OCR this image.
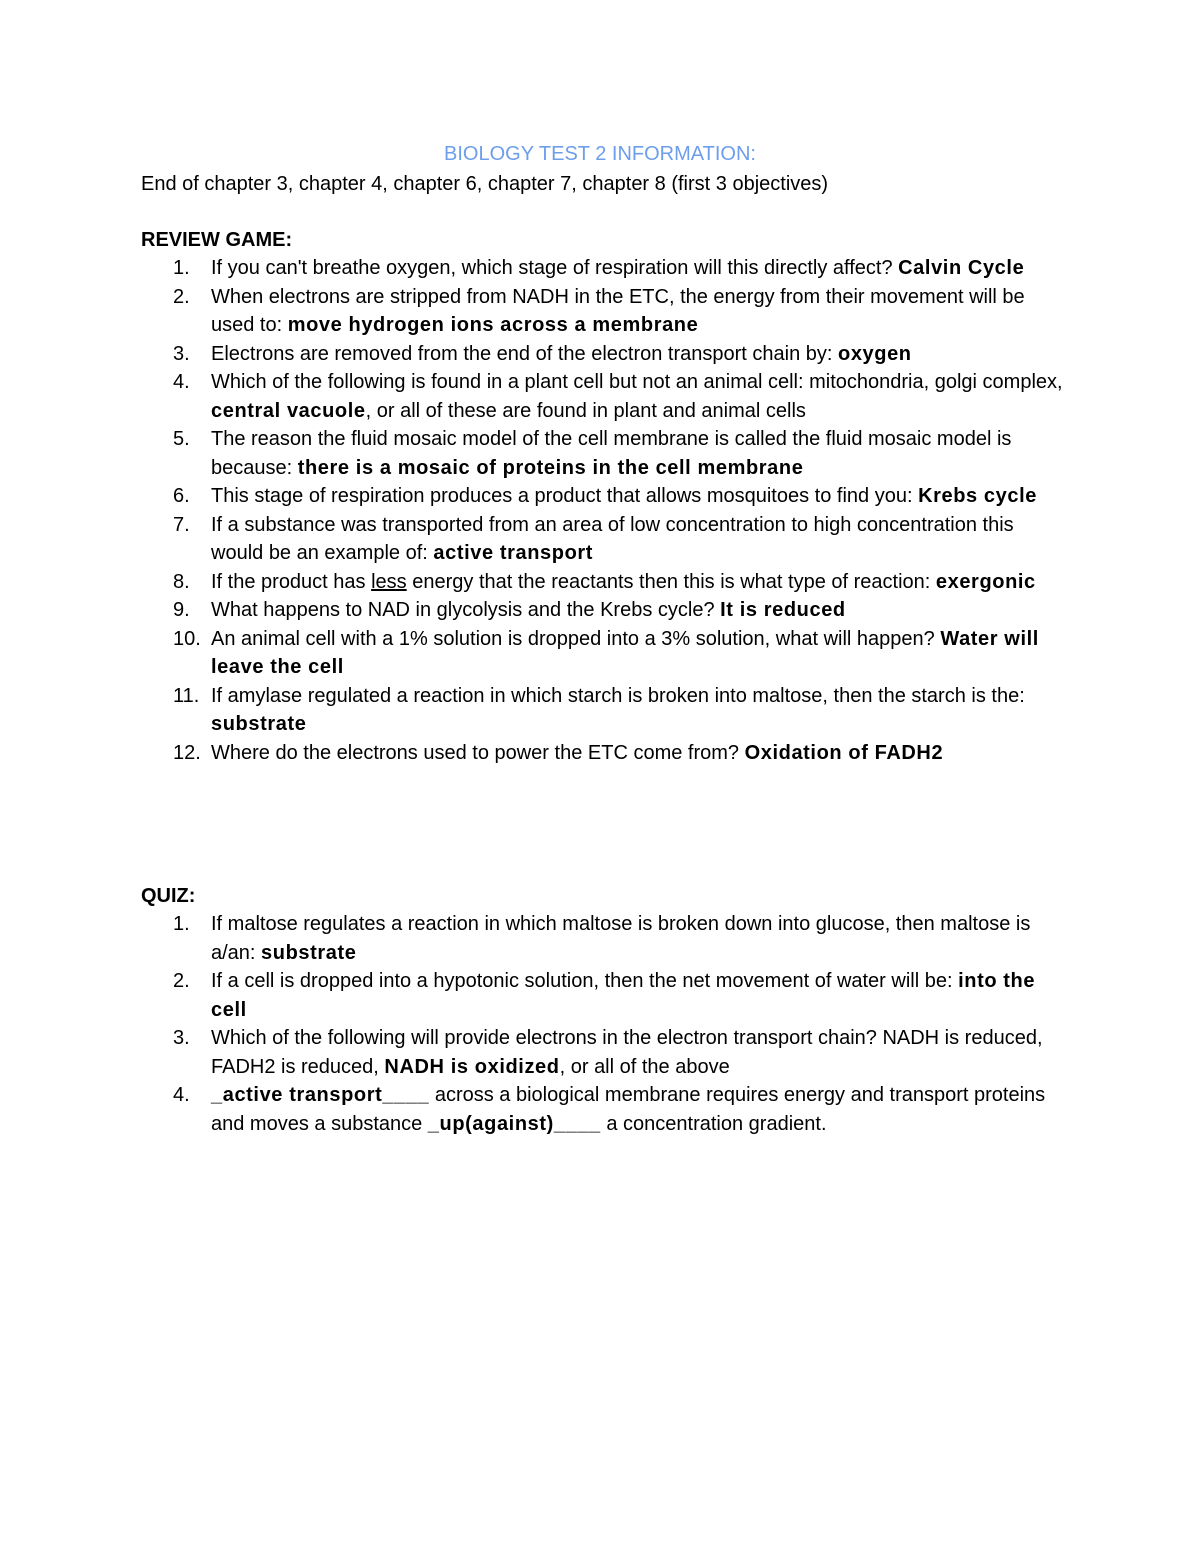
BIOLOGY TEST 2 INFORMATION:

End of chapter 3, chapter 4, chapter 6, chapter 7, chapter 8 (first 3 objectives)

REVIEW GAME:

1.	If you can't breathe oxygen, which stage of respiration will this directly affect? Calvin Cycle
2.	When electrons are stripped from NADH in the ETC, the energy from their movement will be used to: move hydrogen ions across a membrane
3.	Electrons are removed from the end of the electron transport chain by: oxygen
4.	Which of the following is found in a plant cell but not an animal cell: mitochondria, golgi complex, central vacuole, or all of these are found in plant and animal cells
5.	The reason the fluid mosaic model of the cell membrane is called the fluid mosaic model is because: there is a mosaic of proteins in the cell membrane
6.	This stage of respiration produces a product that allows mosquitoes to find you: Krebs cycle
7.	If a substance was transported from an area of low concentration to high concentration this would be an example of: active transport
8.	If the product has less energy that the reactants then this is what type of reaction: exergonic
9.	What happens to NAD in glycolysis and the Krebs cycle? It is reduced
10. An animal cell with a 1% solution is dropped into a 3% solution, what will happen? Water will leave the cell
11. If amylase regulated a reaction in which starch is broken into maltose, then the starch is the: substrate
12. Where do the electrons used to power the ETC come from? Oxidation of FADH2

QUIZ:

1.	If maltose regulates a reaction in which maltose is broken down into glucose, then maltose is a/an: substrate
2.	If a cell is dropped into a hypotonic solution, then the net movement of water will be: into the cell
3.	Which of the following will provide electrons in the electron transport chain? NADH is reduced, FADH2 is reduced, NADH is oxidized, or all of the above
4.	_active transport____ across a biological membrane requires energy and transport proteins and moves a substance _up(against)____ a concentration gradient.
